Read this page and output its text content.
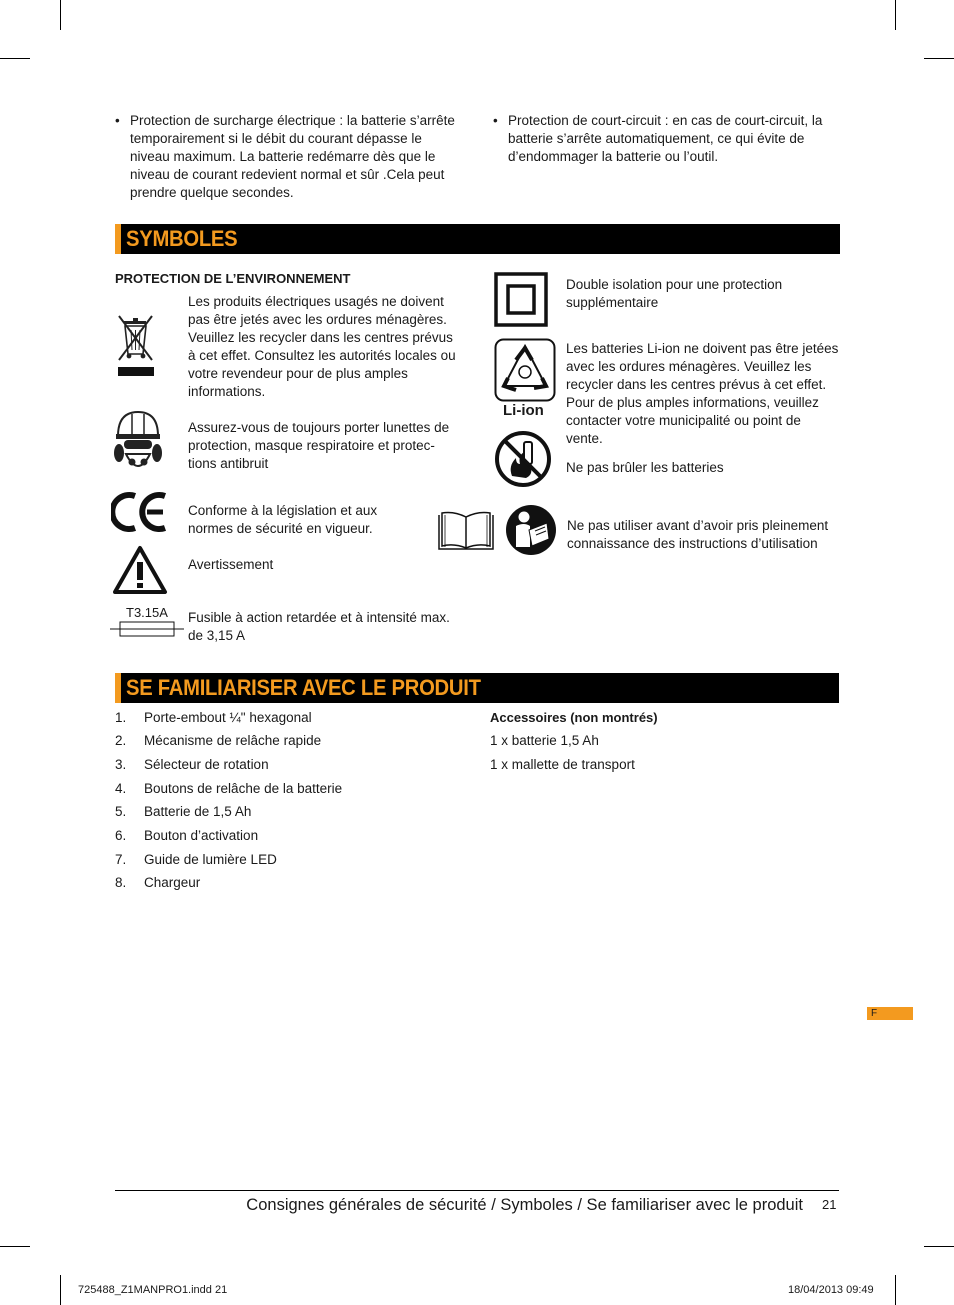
• Protection de surcharge électrique : la batterie s’arrête temporairement si le débit du courant dépasse le niveau maximum. La batterie redémarre dès que le niveau de courant redevient normal et sûr .Cela peut prendre quelque secondes.
• Protection de court-circuit : en cas de court-circuit, la batterie s’arrête automatiquement, ce qui évite de d’endommager la batterie ou l’outil.
SYMBOLES
PROTECTION DE L’ENVIRONNEMENT
Les produits électriques usagés ne doivent pas être jetés avec les ordures ménagères. Veuillez les recycler dans les centres prévus à cet effet. Consultez les autorités locales ou votre revendeur pour de plus amples informations.
Assurez-vous de toujours porter lunettes de protection, masque respiratoire et protections antibruit
Conforme à la législation et aux normes de sécurité en vigueur.
Avertissement
T3.15A Fusible à action retardée et à intensité max. de 3,15 A
Double isolation pour une protection supplémentaire
Li-ion
Les batteries Li-ion ne doivent pas être jetées avec les ordures ménagères. Veuillez les recycler dans les centres prévus à cet effet. Pour de plus amples informations, veuillez contacter votre municipalité ou point de vente.
Ne pas brûler les batteries
Ne pas utiliser avant d’avoir pris pleinement connaissance des instructions d’utilisation
SE FAMILIARISER AVEC LE PRODUIT
1.	Porte-embout ¼" hexagonal
2.	Mécanisme de relâche rapide
3.	Sélecteur de rotation
4.	Boutons de relâche de la batterie
5.	Batterie de 1,5 Ah
6.	Bouton d’activation
7.	Guide de lumière LED
8.	Chargeur
Accessoires (non montrés)
1 x batterie 1,5 Ah
1 x mallette de transport
F
Consignes générales de sécurité / Symboles / Se familiariser avec le produit 21
725488_Z1MANPRO1.indd 21	18/04/2013 09:49
